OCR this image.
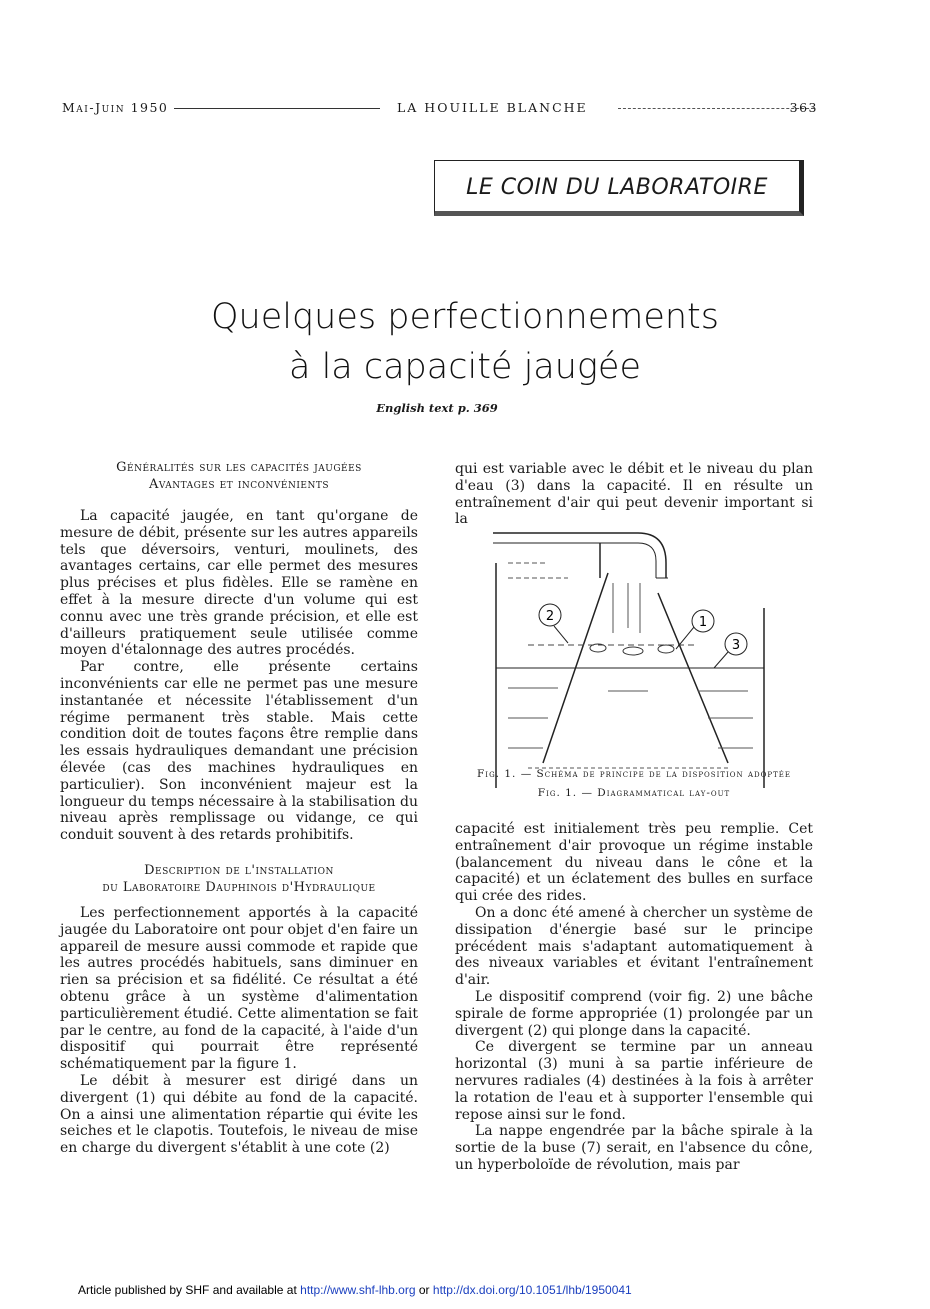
Mai-Juin 1950	LA HOUILLE BLANCHE	363
LE COIN DU LABORATOIRE
Quelques perfectionnements
à la capacité jaugée
English text p. 369

Généralités sur les capacités jaugées

Avantages et inconvénients

La capacité jaugée, en tant qu'organe de mesure de débit, présente sur les autres appareils tels que déversoirs, venturi, moulinets, des avantages certains, car elle permet des mesures plus précises et plus fidèles. Elle se ramène en effet à la mesure directe d'un volume qui est connu avec une très grande précision, et elle est d'ailleurs pratiquement seule utilisée comme moyen d'étalonnage des autres procédés.

Par contre, elle présente certains inconvénients car elle ne permet pas une mesure instantanée et nécessite l'établissement d'un régime permanent très stable. Mais cette condition doit de toutes façons être remplie dans les essais hydrauliques demandant une précision élevée (cas des machines hydrauliques en particulier). Son inconvénient majeur est la longueur du temps nécessaire à la stabilisation du niveau après remplissage ou vidange, ce qui conduit souvent à des retards prohibitifs.

Description de l'installation

du Laboratoire Dauphinois d'Hydraulique

Les perfectionnement apportés à la capacité jaugée du Laboratoire ont pour objet d'en faire un appareil de mesure aussi commode et rapide que les autres procédés habituels, sans diminuer en rien sa précision et sa fidélité. Ce résultat a été obtenu grâce à un système d'alimentation particulièrement étudié. Cette alimentation se fait par le centre, au fond de la capacité, à l'aide d'un dispositif qui pourrait être représenté schématiquement par la figure 1.

Le débit à mesurer est dirigé dans un divergent (1) qui débite au fond de la capacité. On a ainsi une alimentation répartie qui évite les seiches et le clapotis. Toutefois, le niveau de mise en charge du divergent s'établit à une cote (2)

qui est variable avec le débit et le niveau du plan d'eau (3) dans la capacité. Il en résulte un entraînement d'air qui peut devenir important si la

2	1
3
Fig. 1. — Schéma de principe de la disposition adoptée
Fig. 1. — Diagrammatical lay-out

capacité est initialement très peu remplie. Cet entraînement d'air provoque un régime instable (balancement du niveau dans le cône et la capacité) et un éclatement des bulles en surface qui crée des rides.

On a donc été amené à chercher un système de dissipation d'énergie basé sur le principe précédent mais s'adaptant automatiquement à des niveaux variables et évitant l'entraînement d'air.

Le dispositif comprend (voir fig. 2) une bâche spirale de forme appropriée (1) prolongée par un divergent (2) qui plonge dans la capacité.

Ce divergent se termine par un anneau horizontal (3) muni à sa partie inférieure de nervures radiales (4) destinées à la fois à arrêter la rotation de l'eau et à supporter l'ensemble qui repose ainsi sur le fond.

La nappe engendrée par la bâche spirale à la sortie de la buse (7) serait, en l'absence du cône, un hyperboloïde de révolution, mais par

Article published by SHF and available at http://www.shf-lhb.org or http://dx.doi.org/10.1051/lhb/1950041
